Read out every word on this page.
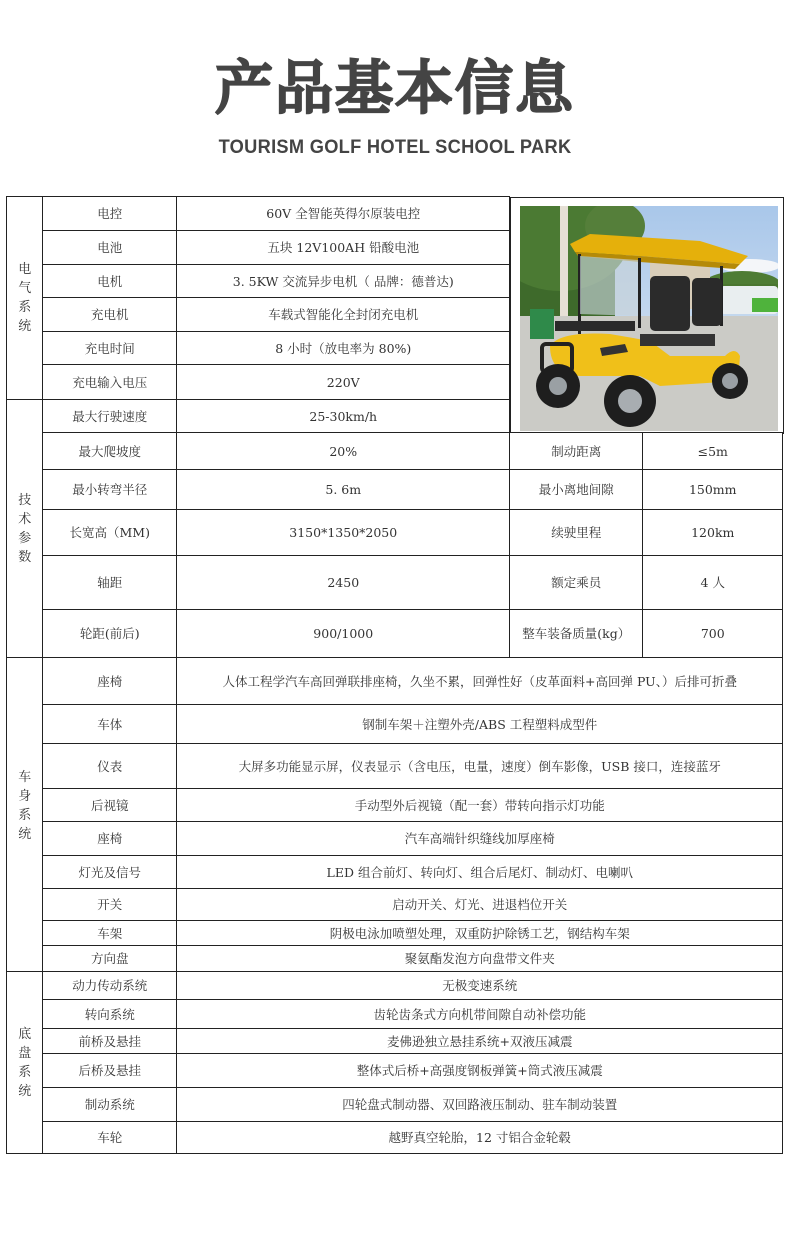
产品基本信息
TOURISM GOLF HOTEL SCHOOL PARK
电
气
系
统
电控	60V 全智能英得尔原装电控
电池	五块 12V100AH 铅酸电池
电机	3. 5KW 交流异步电机（ 品牌：德普达)
充电机	车载式智能化全封闭充电机
充电时间	8 小时（放电率为 80%)
充电输入电压	220V
技
术
参
数
最大行驶速度	25-30km/h
最大爬坡度	20%	制动距离	≤5m
最小转弯半径	5. 6m	最小离地间隙	150mm
长宽高（MM)	3150*1350*2050	续驶里程	120km
轴距	2450	额定乘员	4 人
轮距(前后)	900/1000	整车装备质量(kg）	700
车
身
系
统
座椅	人体工程学汽车高回弹联排座椅，久坐不累，回弹性好（皮革面料+高回弹 PU、）后排可折叠
车体	钢制车架＋注塑外壳/ABS 工程塑料成型件
仪表	大屏多功能显示屏，仪表显示（含电压，电量，速度）倒车影像，USB 接口，连接蓝牙
后视镜	手动型外后视镜（配一套）带转向指示灯功能
座椅	汽车高端针织缝线加厚座椅
灯光及信号	LED 组合前灯、转向灯、组合后尾灯、制动灯、电喇叭
开关	启动开关、灯光、进退档位开关
车架	阴极电泳加喷塑处理，双重防护除锈工艺，钢结构车架
方向盘	聚氨酯发泡方向盘带文件夹
底
盘
系
统
动力传动系统	无极变速系统
转向系统	齿轮齿条式方向机带间隙自动补偿功能
前桥及悬挂	麦佛逊独立悬挂系统+双液压减震
后桥及悬挂	整体式后桥+高强度钢板弹簧+筒式液压减震
制动系统	四轮盘式制动器、双回路液压制动、驻车制动装置
车轮	越野真空轮胎，12 寸铝合金轮毂
